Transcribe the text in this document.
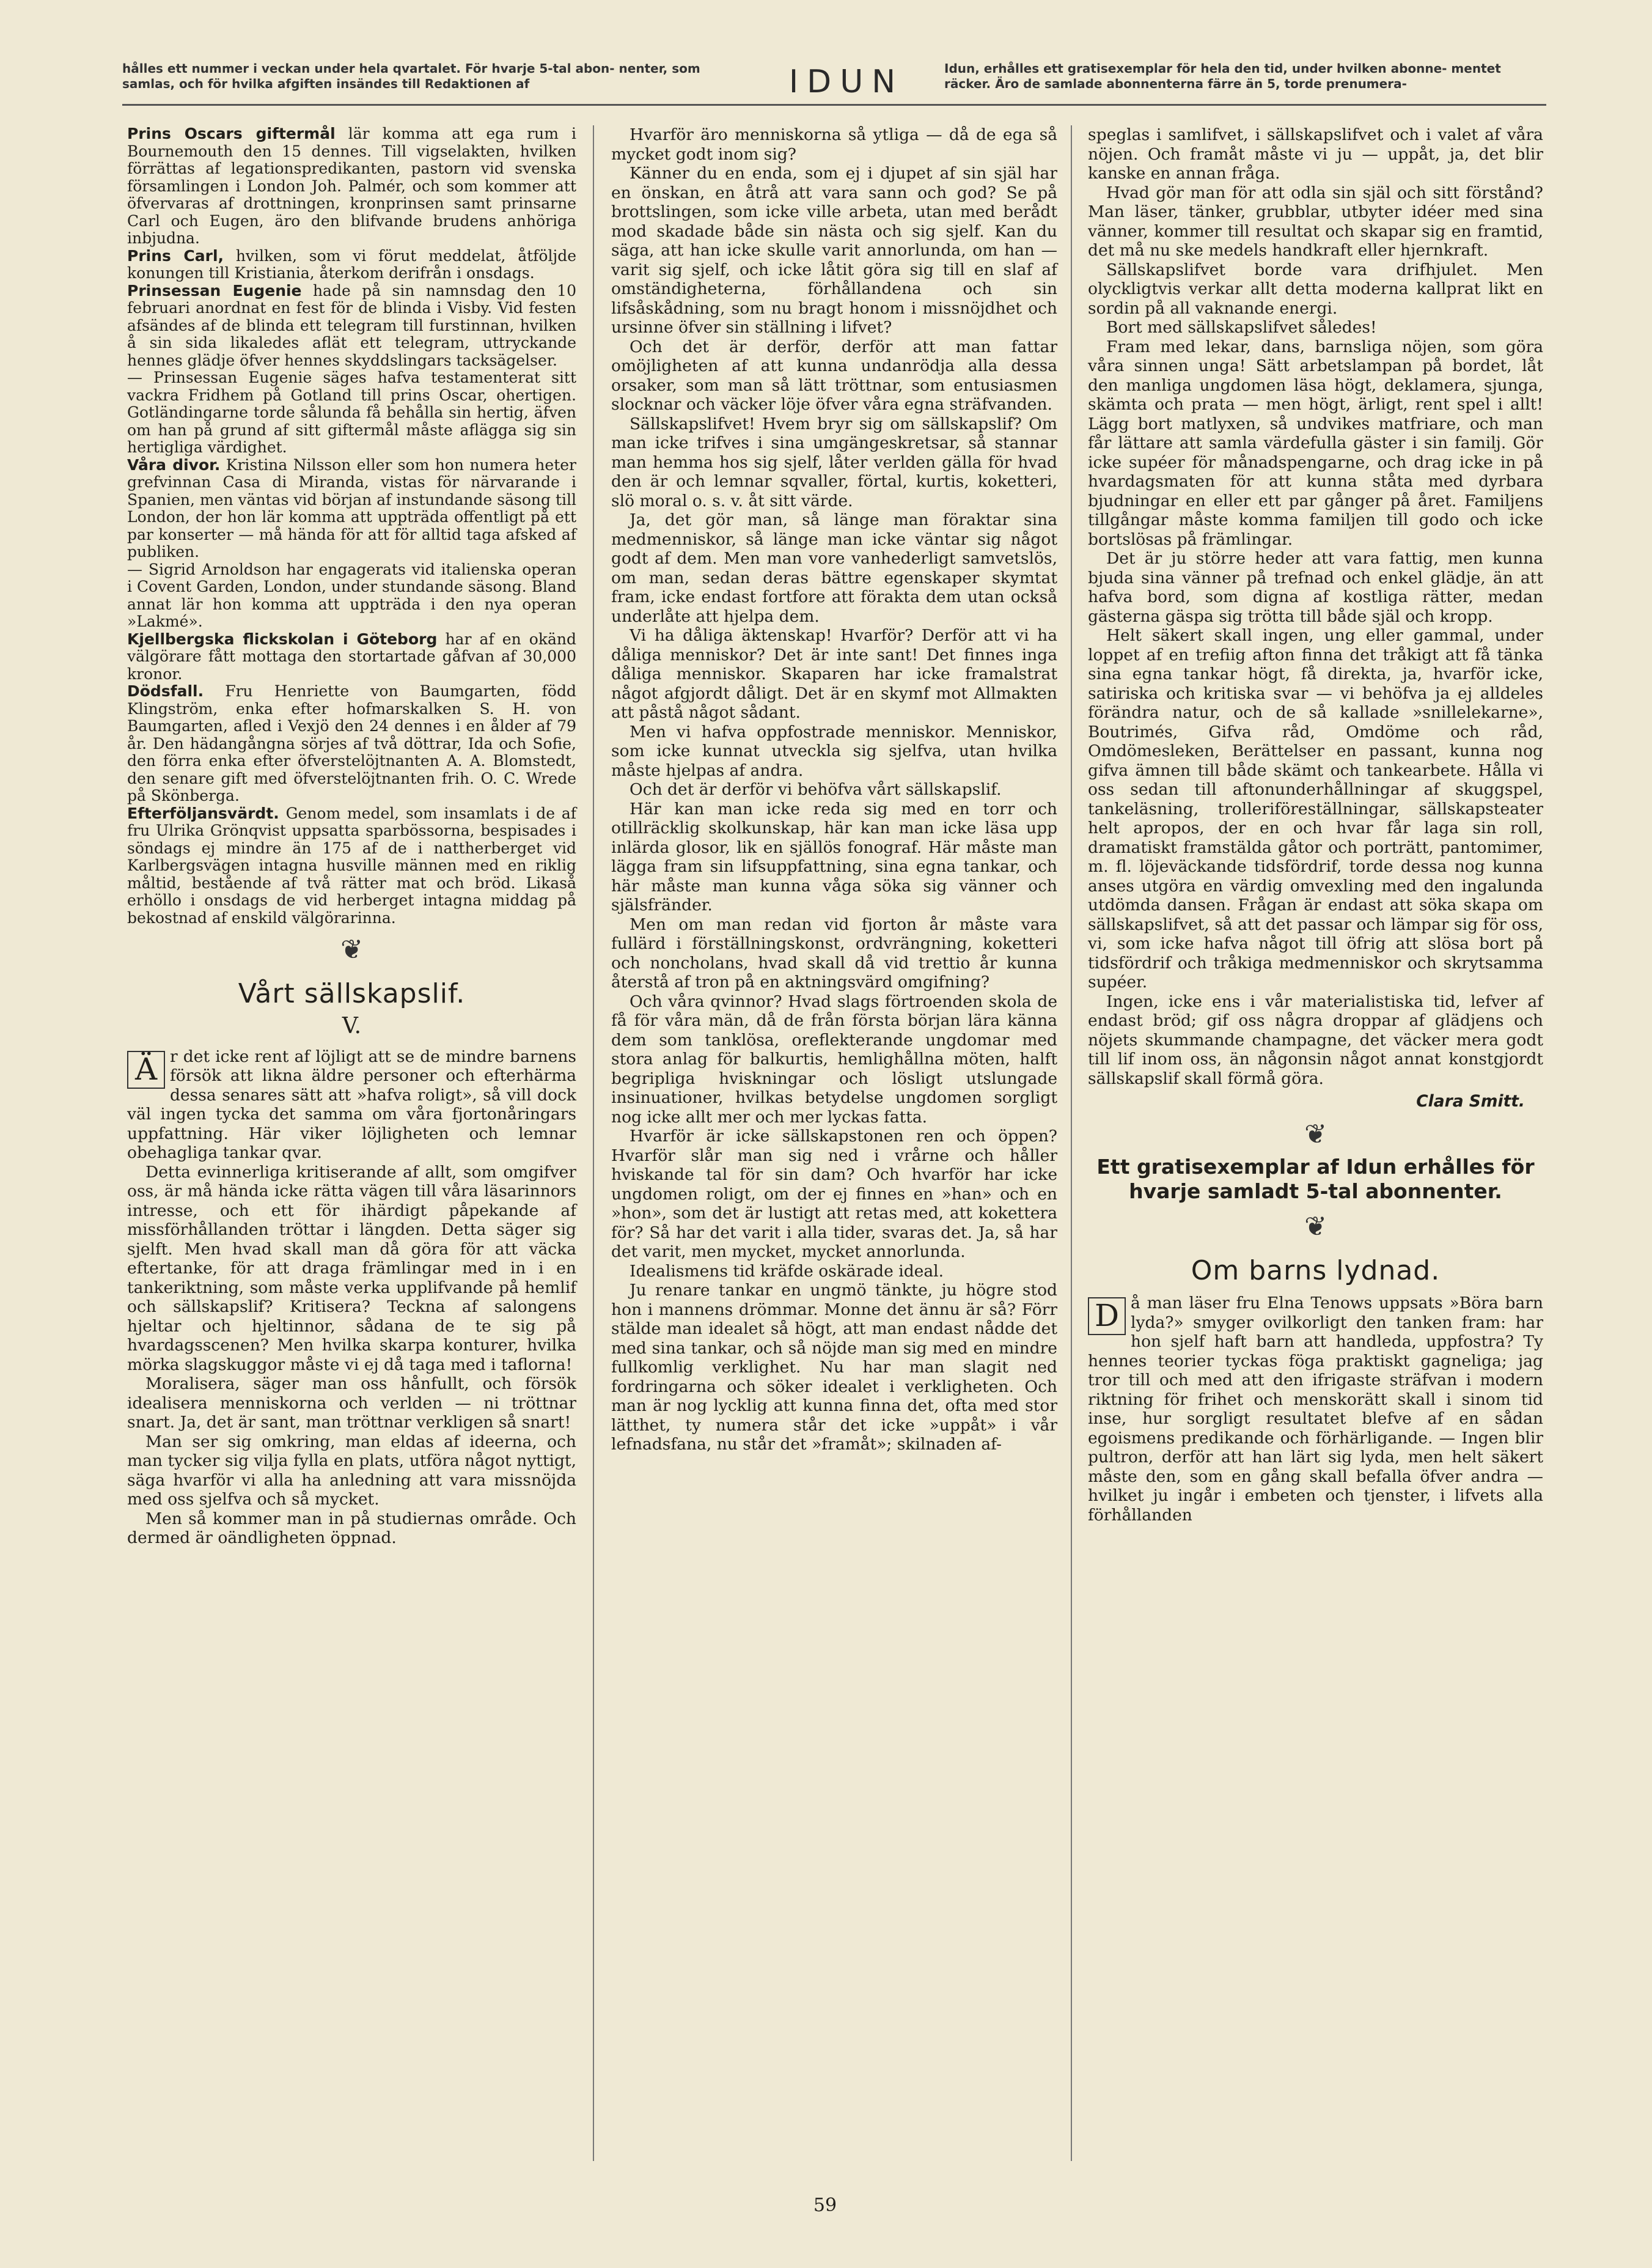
hålles ett nummer i veckan under hela qvartalet. För hvarje 5-tal abon- nenter, som samlas, och för hvilka afgiften insändes till Redaktionen af	IDUN	Idun, erhålles ett gratisexemplar för hela den tid, under hvilken abonne- mentet räcker. Äro de samlade abonnenterna färre än 5, torde prenumera-

Prins Oscars giftermål lär komma att ega rum i Bournemouth den 15 dennes. Till vigselakten, hvilken förrättas af legationspredikanten, pastorn vid svenska församlingen i London Joh. Palmér, och som kommer att öfvervaras af drottningen, kronprinsen samt prinsarne Carl och Eugen, äro den blifvande brudens anhöriga inbjudna.

Prins Carl, hvilken, som vi förut meddelat, åtföljde konungen till Kristiania, återkom derifrån i onsdags.

Prinsessan Eugenie hade på sin namnsdag den 10 februari anordnat en fest för de blinda i Visby. Vid festen afsändes af de blinda ett telegram till furstinnan, hvilken å sin sida likaledes aflät ett telegram, uttryckande hennes glädje öfver hennes skyddslingars tacksägelser.

— Prinsessan Eugenie säges hafva testamenterat sitt vackra Fridhem på Gotland till prins Oscar, ohertigen. Gotländingarne torde sålunda få behålla sin hertig, äfven om han på grund af sitt giftermål måste aflägga sig sin hertigliga värdighet.

Våra divor. Kristina Nilsson eller som hon numera heter grefvinnan Casa di Miranda, vistas för närvarande i Spanien, men väntas vid början af instundande säsong till London, der hon lär komma att uppträda offentligt på ett par konserter — må hända för att för alltid taga afsked af publiken.

— Sigrid Arnoldson har engagerats vid italienska operan i Covent Garden, London, under stundande säsong. Bland annat lär hon komma att uppträda i den nya operan »Lakmé».

Kjellbergska flickskolan i Göteborg har af en okänd välgörare fått mottaga den stortartade gåfvan af 30,000 kronor.

Dödsfall. Fru Henriette von Baumgarten, född Klingström, enka efter hofmarskalken S. H. von Baumgarten, afled i Vexjö den 24 dennes i en ålder af 79 år. Den hädangångna sörjes af två döttrar, Ida och Sofie, den förra enka efter öfverstelöjtnanten A. A. Blomstedt, den senare gift med öfverstelöjtnanten frih. O. C. Wrede på Skönberga.

Efterföljansvärdt. Genom medel, som insamlats i de af fru Ulrika Grönqvist uppsatta sparbössorna, bespisades i söndags ej mindre än 175 af de i nattherberget vid Karlbergsvägen intagna husville männen med en riklig måltid, bestående af två rätter mat och bröd. Likaså erhöllo i onsdags de vid herberget intagna middag på bekostnad af enskild välgörarinna.

❦
Vårt sällskapslif.
V.

Ä r det icke rent af löjligt att se de mindre barnens försök att likna äldre personer och efterhärma dessa senares sätt att »hafva roligt», så vill dock väl ingen tycka det samma om våra fjortonåringars uppfattning. Här viker löjligheten och lemnar obehagliga tankar qvar.

Detta evinnerliga kritiserande af allt, som omgifver oss, är må hända icke rätta vägen till våra läsarinnors intresse, och ett för ihärdigt påpekande af missförhållanden tröttar i längden. Detta säger sig sjelft. Men hvad skall man då göra för att väcka eftertanke, för att draga främlingar med in i en tankeriktning, som måste verka upplifvande på hemlif och sällskapslif? Kritisera? Teckna af salongens hjeltar och hjeltinnor, sådana de te sig på hvardagsscenen? Men hvilka skarpa konturer, hvilka mörka slagskuggor måste vi ej då taga med i taflorna!

Moralisera, säger man oss hånfullt, och försök idealisera menniskorna och verlden — ni tröttnar snart. Ja, det är sant, man tröttnar verkligen så snart!

Man ser sig omkring, man eldas af ideerna, och man tycker sig vilja fylla en plats, utföra något nyttigt, säga hvarför vi alla ha anledning att vara missnöjda med oss sjelfva och så mycket.

Men så kommer man in på studiernas område. Och dermed är oändligheten öppnad.

Hvarför äro menniskorna så ytliga — då de ega så mycket godt inom sig?

Känner du en enda, som ej i djupet af sin själ har en önskan, en åtrå att vara sann och god? Se på brottslingen, som icke ville arbeta, utan med berådt mod skadade både sin nästa och sig sjelf. Kan du säga, att han icke skulle varit annorlunda, om han — varit sig sjelf, och icke låtit göra sig till en slaf af omständigheterna, förhållandena och sin lifsåskådning, som nu bragt honom i missnöjdhet och ursinne öfver sin ställning i lifvet?

Och det är derför, derför att man fattar omöjligheten af att kunna undanrödja alla dessa orsaker, som man så lätt tröttnar, som entusiasmen slocknar och väcker löje öfver våra egna sträfvanden.

Sällskapslifvet! Hvem bryr sig om sällskapslif? Om man icke trifves i sina umgängeskretsar, så stannar man hemma hos sig sjelf, låter verlden gälla för hvad den är och lemnar sqvaller, förtal, kurtis, koketteri, slö moral o. s. v. åt sitt värde.

Ja, det gör man, så länge man föraktar sina medmenniskor, så länge man icke väntar sig något godt af dem. Men man vore vanhederligt samvetslös, om man, sedan deras bättre egenskaper skymtat fram, icke endast fortfore att förakta dem utan också underlåte att hjelpa dem.

Vi ha dåliga äktenskap! Hvarför? Derför att vi ha dåliga menniskor? Det är inte sant! Det finnes inga dåliga menniskor. Skaparen har icke framalstrat något afgjordt dåligt. Det är en skymf mot Allmakten att påstå något sådant.

Men vi hafva oppfostrade menniskor. Menniskor, som icke kunnat utveckla sig sjelfva, utan hvilka måste hjelpas af andra.

Och det är derför vi behöfva vårt sällskapslif.

Här kan man icke reda sig med en torr och otillräcklig skolkunskap, här kan man icke läsa upp inlärda glosor, lik en själlös fonograf. Här måste man lägga fram sin lifsuppfattning, sina egna tankar, och här måste man kunna våga söka sig vänner och själsfränder.

Men om man redan vid fjorton år måste vara fullärd i förställningskonst, ordvrängning, koketteri och noncholans, hvad skall då vid trettio år kunna återstå af tron på en aktningsvärd omgifning?

Och våra qvinnor? Hvad slags förtroenden skola de få för våra män, då de från första början lära känna dem som tanklösa, oreflekterande ungdomar med stora anlag för balkurtis, hemlighållna möten, halft begripliga hviskningar och lösligt utslungade insinuationer, hvilkas betydelse ungdomen sorgligt nog icke allt mer och mer lyckas fatta.

Hvarför är icke sällskapstonen ren och öppen? Hvarför slår man sig ned i vrårne och håller hviskande tal för sin dam? Och hvarför har icke ungdomen roligt, om der ej finnes en »han» och en »hon», som det är lustigt att retas med, att kokettera för? Så har det varit i alla tider, svaras det. Ja, så har det varit, men mycket, mycket annorlunda.

Idealismens tid kräfde oskärade ideal.

Ju renare tankar en ungmö tänkte, ju högre stod hon i mannens drömmar. Monne det ännu är så? Förr stälde man idealet så högt, att man endast nådde det med sina tankar, och så nöjde man sig med en mindre fullkomlig verklighet. Nu har man slagit ned fordringarna och söker idealet i verkligheten. Och man är nog lycklig att kunna finna det, ofta med stor lätthet, ty numera står det icke »uppåt» i vår lefnadsfana, nu står det »framåt»; skilnaden af-

speglas i samlifvet, i sällskapslifvet och i valet af våra nöjen. Och framåt måste vi ju — uppåt, ja, det blir kanske en annan fråga.

Hvad gör man för att odla sin själ och sitt förstånd? Man läser, tänker, grubblar, utbyter idéer med sina vänner, kommer till resultat och skapar sig en framtid, det må nu ske medels handkraft eller hjernkraft.

Sällskapslifvet borde vara drifhjulet. Men olyckligtvis verkar allt detta moderna kallprat likt en sordin på all vaknande energi.

Bort med sällskapslifvet således!

Fram med lekar, dans, barnsliga nöjen, som göra våra sinnen unga! Sätt arbetslampan på bordet, låt den manliga ungdomen läsa högt, deklamera, sjunga, skämta och prata — men högt, ärligt, rent spel i allt! Lägg bort matlyxen, så undvikes matfriare, och man får lättare att samla värdefulla gäster i sin familj. Gör icke supéer för månadspengarne, och drag icke in på hvardagsmaten för att kunna ståta med dyrbara bjudningar en eller ett par gånger på året. Familjens tillgångar måste komma familjen till godo och icke bortslösas på främlingar.

Det är ju större heder att vara fattig, men kunna bjuda sina vänner på trefnad och enkel glädje, än att hafva bord, som digna af kostliga rätter, medan gästerna gäspa sig trötta till både själ och kropp.

Helt säkert skall ingen, ung eller gammal, under loppet af en trefiig afton finna det tråkigt att få tänka sina egna tankar högt, få direkta, ja, hvarför icke, satiriska och kritiska svar — vi behöfva ja ej alldeles förändra natur, och de så kallade »snillelekarne», Boutrimés, Gifva råd, Omdöme och råd, Omdömesleken, Berättelser en passant, kunna nog gifva ämnen till både skämt och tankearbete. Hålla vi oss sedan till aftonunderhållningar af skuggspel, tankeläsning, trolleriföreställningar, sällskapsteater helt apropos, der en och hvar får laga sin roll, dramatiskt framstälda gåtor och porträtt, pantomimer, m. fl. löjeväckande tidsfördrif, torde dessa nog kunna anses utgöra en värdig omvexling med den ingalunda utdömda dansen. Frågan är endast att söka skapa om sällskapslifvet, så att det passar och lämpar sig för oss, vi, som icke hafva något till öfrig att slösa bort på tidsfördrif och tråkiga medmenniskor och skrytsamma supéer.

Ingen, icke ens i vår materialistiska tid, lefver af endast bröd; gif oss några droppar af glädjens och nöjets skummande champagne, det väcker mera godt till lif inom oss, än någonsin något annat konstgjordt sällskapslif skall förmå göra.

Clara Smitt.
❦
Ett gratisexemplar af Idun erhålles för hvarje samladt 5-tal abonnenter.
❦
Om barns lydnad.

D å man läser fru Elna Tenows uppsats »Böra barn lyda?» smyger ovilkorligt den tanken fram: har hon sjelf haft barn att handleda, uppfostra? Ty hennes teorier tyckas föga praktiskt gagneliga; jag tror till och med att den ifrigaste sträfvan i modern riktning för frihet och menskorätt skall i sinom tid inse, hur sorgligt resultatet blefve af en sådan egoismens predikande och förhärligande. — Ingen blir pultron, derför att han lärt sig lyda, men helt säkert måste den, som en gång skall befalla öfver andra — hvilket ju ingår i embeten och tjenster, i lifvets alla förhållanden

59
